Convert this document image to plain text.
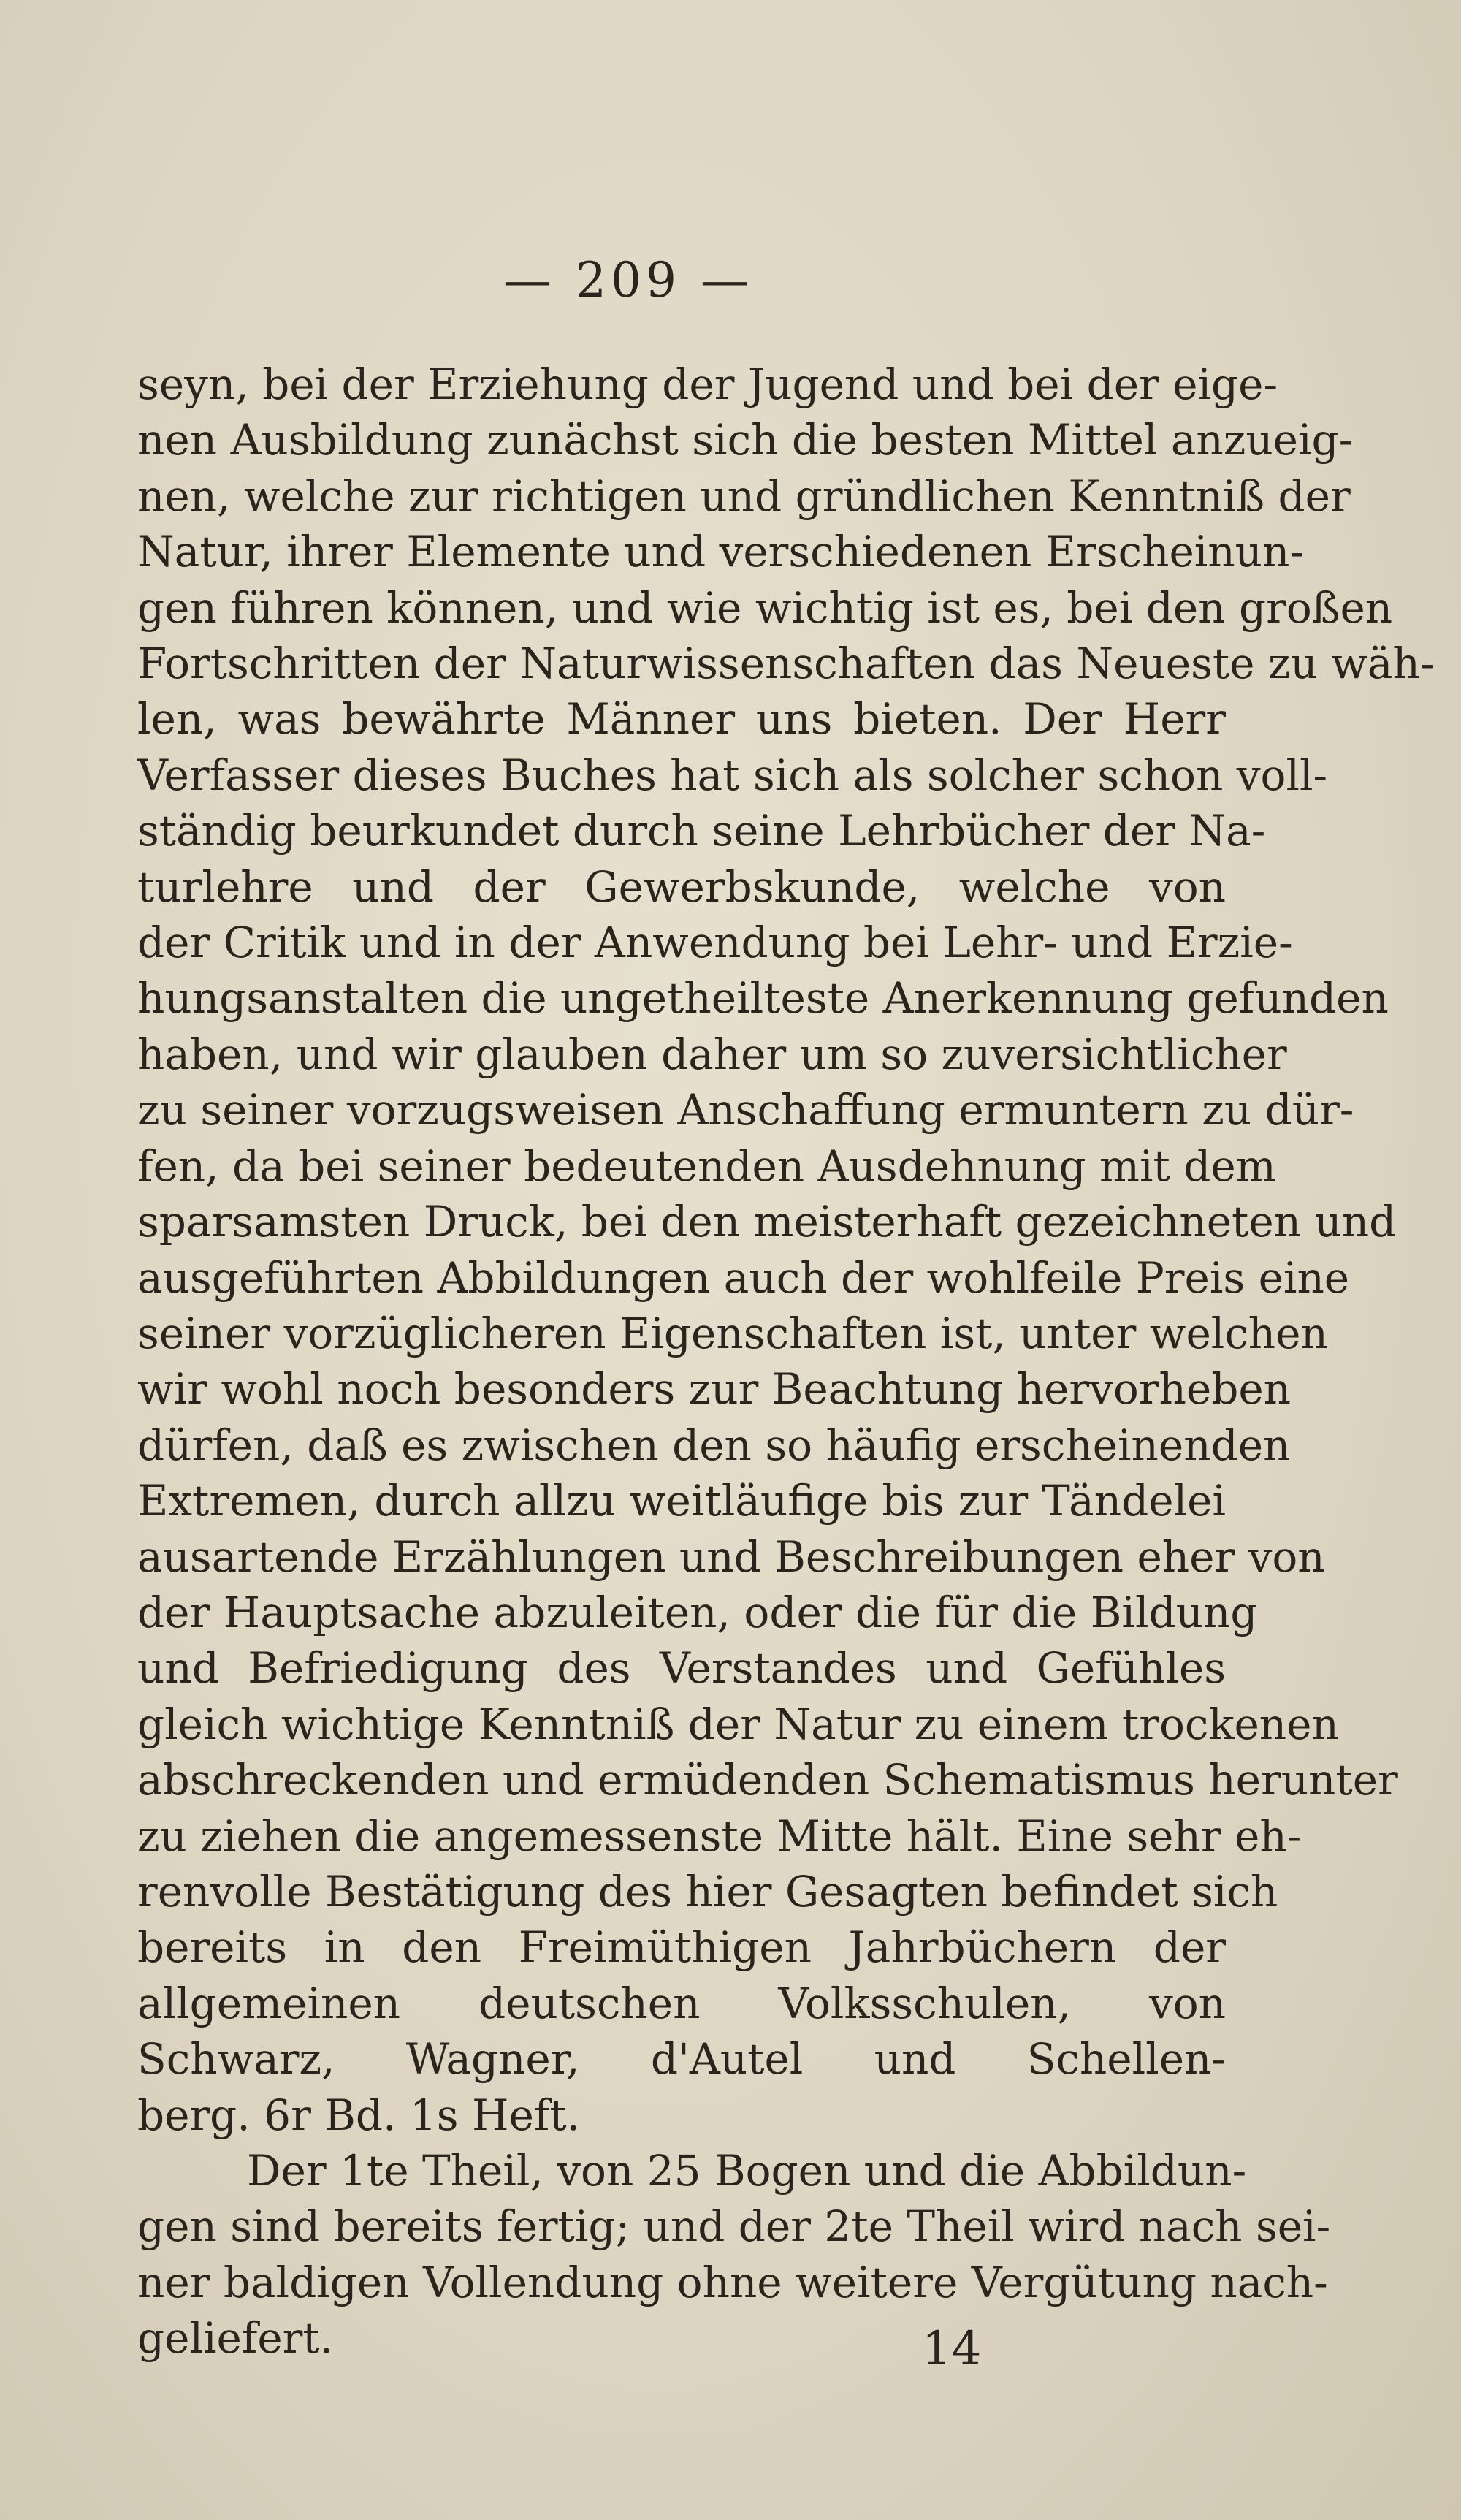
— 209 —
seyn, bei der Erziehung der Jugend und bei der eige-
nen Ausbildung zunächst sich die besten Mittel anzueig-
nen, welche zur richtigen und gründlichen Kenntniß der
Natur, ihrer Elemente und verschiedenen Erscheinun-
gen führen können, und wie wichtig ist es, bei den großen
Fortschritten der Naturwissenschaften das Neueste zu wäh-
len, was bewährte Männer uns bieten. Der Herr
Verfasser dieses Buches hat sich als solcher schon voll-
ständig beurkundet durch seine Lehrbücher der Na-
turlehre und der Gewerbskunde, welche von
der Critik und in der Anwendung bei Lehr- und Erzie-
hungsanstalten die ungetheilteste Anerkennung gefunden
haben, und wir glauben daher um so zuversichtlicher
zu seiner vorzugsweisen Anschaffung ermuntern zu dür-
fen, da bei seiner bedeutenden Ausdehnung mit dem
sparsamsten Druck, bei den meisterhaft gezeichneten und
ausgeführten Abbildungen auch der wohlfeile Preis eine
seiner vorzüglicheren Eigenschaften ist, unter welchen
wir wohl noch besonders zur Beachtung hervorheben
dürfen, daß es zwischen den so häufig erscheinenden
Extremen, durch allzu weitläufige bis zur Tändelei
ausartende Erzählungen und Beschreibungen eher von
der Hauptsache abzuleiten, oder die für die Bildung
und Befriedigung des Verstandes und Gefühles
gleich wichtige Kenntniß der Natur zu einem trockenen
abschreckenden und ermüdenden Schematismus herunter
zu ziehen die angemessenste Mitte hält. Eine sehr eh-
renvolle Bestätigung des hier Gesagten befindet sich
bereits in den Freimüthigen Jahrbüchern der
allgemeinen deutschen Volksschulen, von
Schwarz, Wagner, d'Autel und Schellen-
berg. 6r Bd. 1s Heft.
Der 1te Theil, von 25 Bogen und die Abbildun-
gen sind bereits fertig; und der 2te Theil wird nach sei-
ner baldigen Vollendung ohne weitere Vergütung nach-
geliefert.	14
